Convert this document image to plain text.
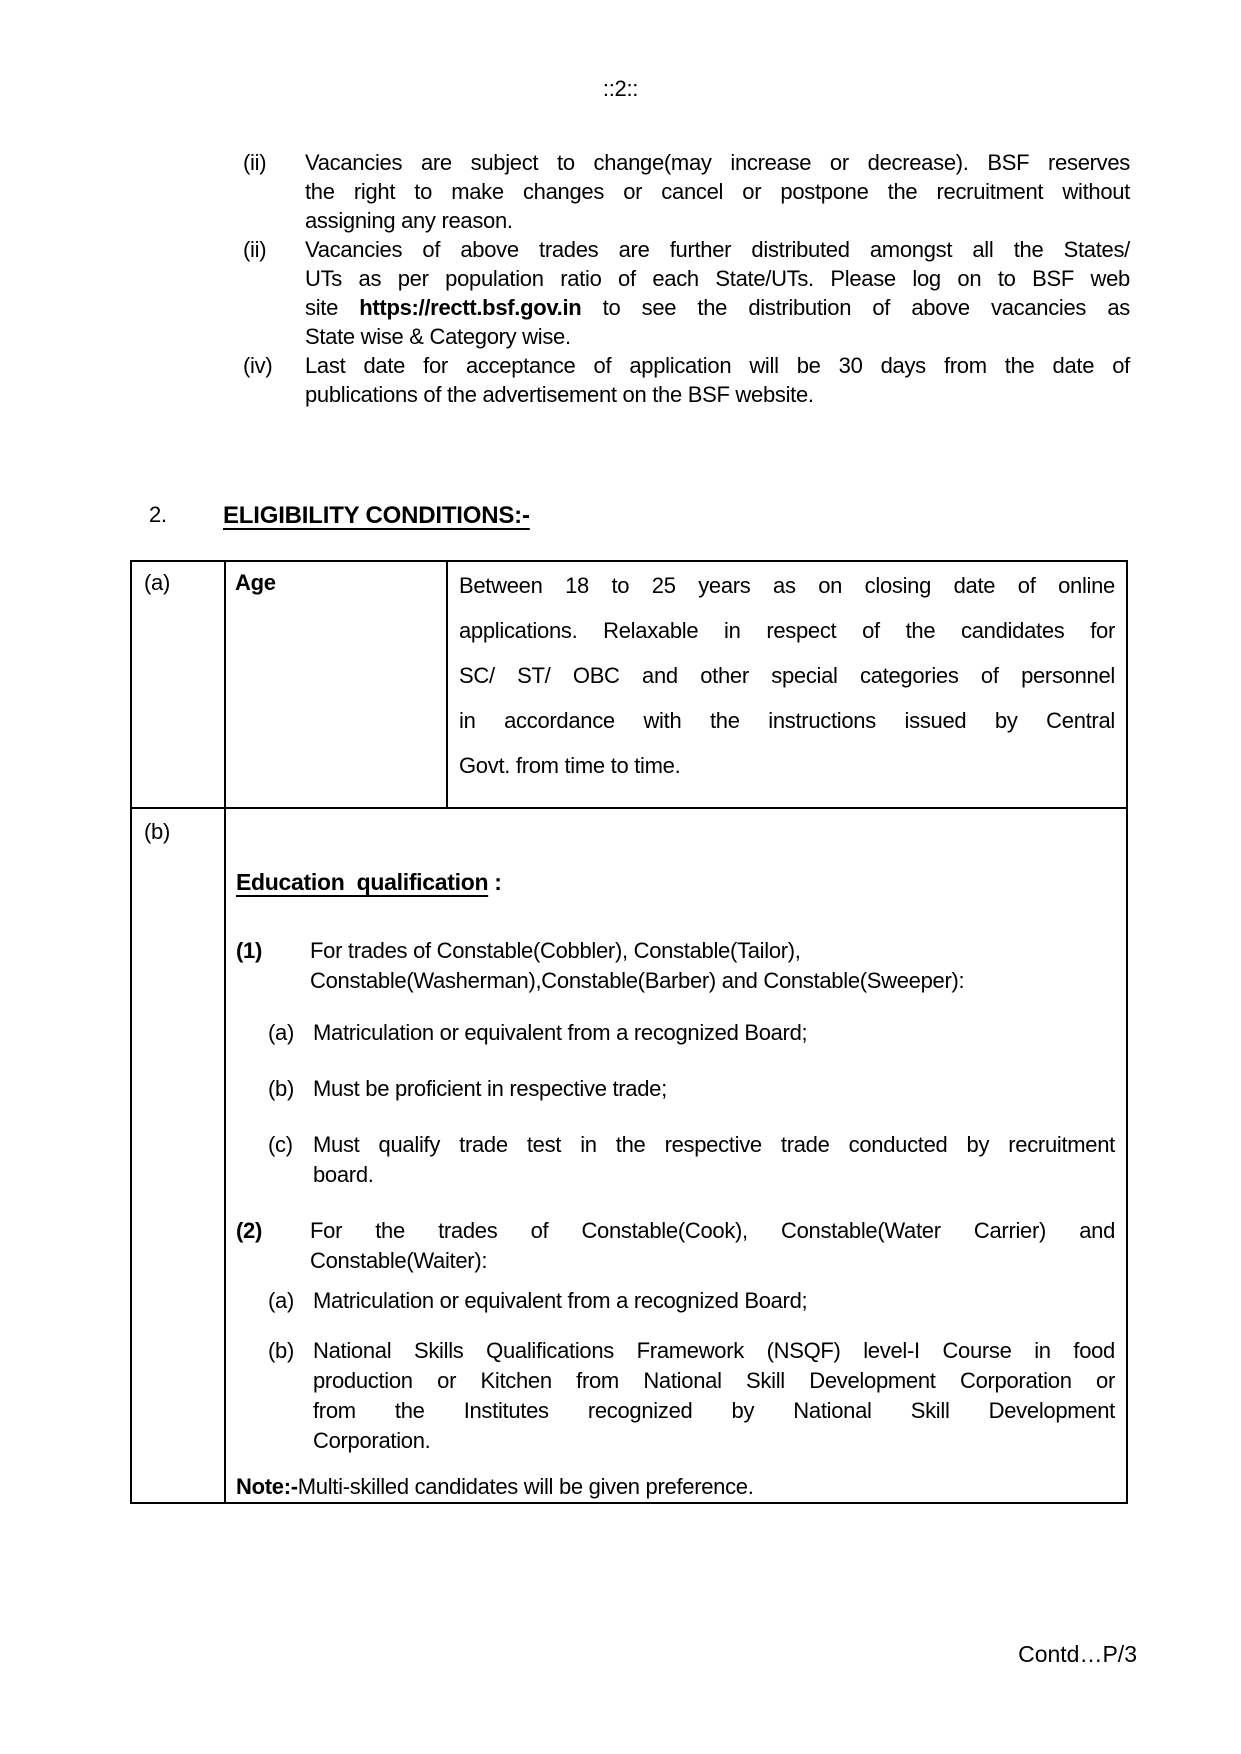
::2::
(ii)	Vacancies are subject to change(may increase or decrease). BSF reserves
the right to make changes or cancel or postpone the recruitment without
assigning any reason.
(ii)	Vacancies of above trades are further distributed amongst all the States/
UTs as per population ratio of each State/UTs. Please log on to BSF web
site https://rectt.bsf.gov.in to see the distribution of above vacancies as
State wise & Category wise.
(iv)	Last date for acceptance of application will be 30 days from the date of
publications of the advertisement on the BSF website.
2. ELIGIBILITY CONDITIONS:-
(a)	Age	Between 18 to 25 years as on closing date of online
applications. Relaxable in respect of the candidates for
SC/ ST/ OBC and other special categories of personnel
in accordance with the instructions issued by Central
Govt. from time to time.

(b)	
Education  qualification :
(1)	For trades of Constable(Cobbler), Constable(Tailor),
Constable(Washerman),Constable(Barber) and Constable(Sweeper):
(a) Matriculation or equivalent from a recognized Board;
(b) Must be proficient in respective trade;
(c) Must qualify trade test in the respective trade conducted by recruitment
board.
(2)	For the trades of Constable(Cook), Constable(Water Carrier) and
Constable(Waiter):
(a) Matriculation or equivalent from a recognized Board;
(b) National Skills Qualifications Framework (NSQF) level-I Course in food
production or Kitchen from National Skill Development Corporation or
from the Institutes recognized by National Skill Development
Corporation.
Note:-Multi-skilled candidates will be given preference.
Contd…P/3
